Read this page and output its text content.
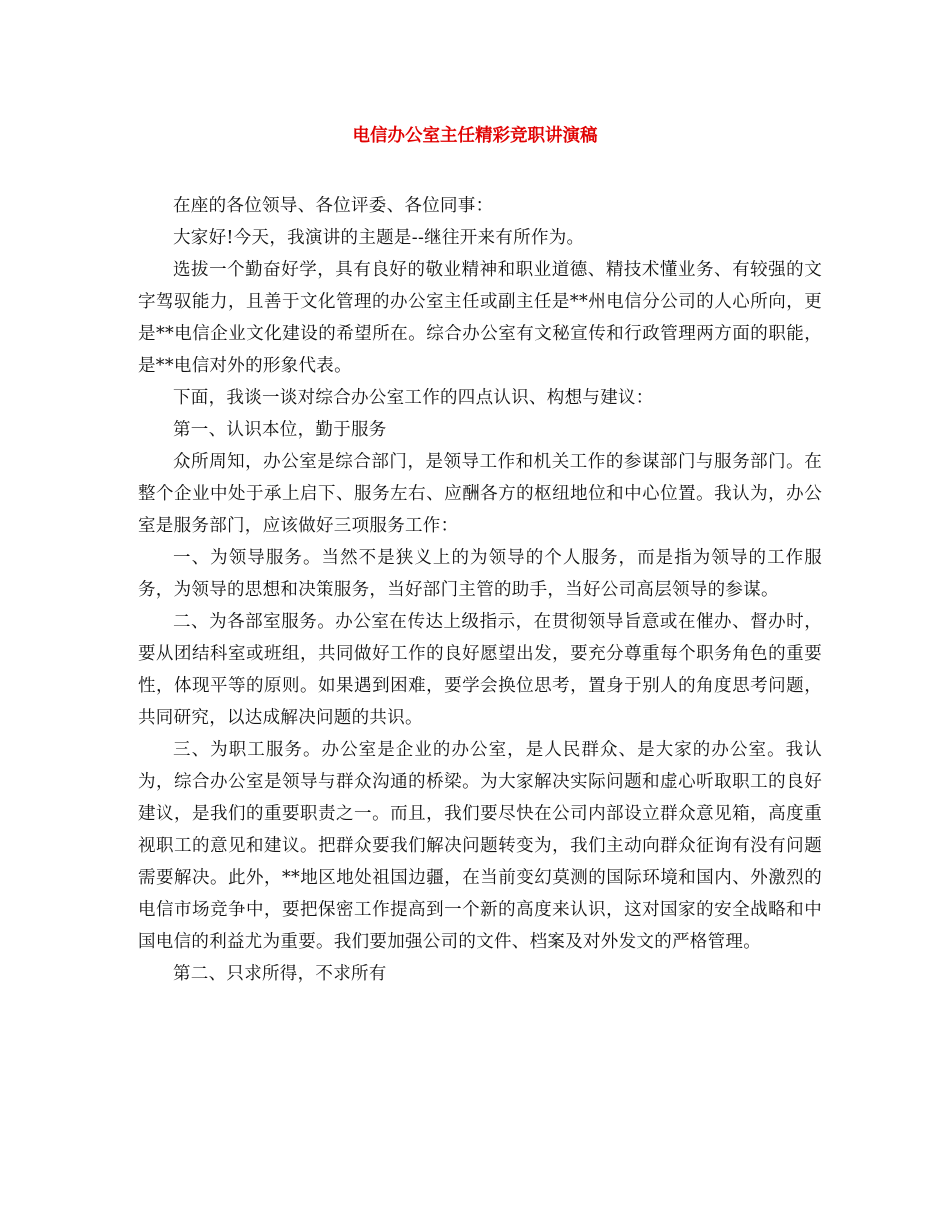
电信办公室主任精彩竞职讲演稿

在座的各位领导、各位评委、各位同事：

大家好!今天，我演讲的主题是--继往开来有所作为。

选拔一个勤奋好学，具有良好的敬业精神和职业道德、精技术懂业务、有较强的文字驾驭能力，且善于文化管理的办公室主任或副主任是**州电信分公司的人心所向，更是**电信企业文化建设的希望所在。综合办公室有文秘宣传和行政管理两方面的职能，是**电信对外的形象代表。

下面，我谈一谈对综合办公室工作的四点认识、构想与建议：

第一、认识本位，勤于服务

众所周知，办公室是综合部门，是领导工作和机关工作的参谋部门与服务部门。在整个企业中处于承上启下、服务左右、应酬各方的枢纽地位和中心位置。我认为，办公室是服务部门，应该做好三项服务工作：

一、为领导服务。当然不是狭义上的为领导的个人服务，而是指为领导的工作服务，为领导的思想和决策服务，当好部门主管的助手，当好公司高层领导的参谋。

二、为各部室服务。办公室在传达上级指示，在贯彻领导旨意或在催办、督办时，要从团结科室或班组，共同做好工作的良好愿望出发，要充分尊重每个职务角色的重要性，体现平等的原则。如果遇到困难，要学会换位思考，置身于别人的角度思考问题，共同研究，以达成解决问题的共识。

三、为职工服务。办公室是企业的办公室，是人民群众、是大家的办公室。我认为，综合办公室是领导与群众沟通的桥梁。为大家解决实际问题和虚心听取职工的良好建议，是我们的重要职责之一。而且，我们要尽快在公司内部设立群众意见箱，高度重视职工的意见和建议。把群众要我们解决问题转变为，我们主动向群众征询有没有问题需要解决。此外，**地区地处祖国边疆，在当前变幻莫测的国际环境和国内、外激烈的电信市场竞争中，要把保密工作提高到一个新的高度来认识，这对国家的安全战略和中国电信的利益尤为重要。我们要加强公司的文件、档案及对外发文的严格管理。

第二、只求所得，不求所有
